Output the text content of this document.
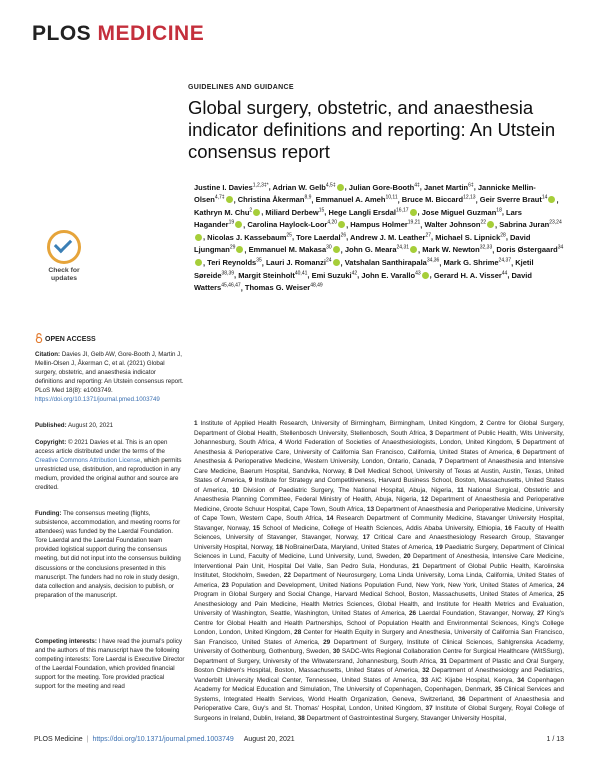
PLOS MEDICINE
GUIDELINES AND GUIDANCE
Global surgery, obstetric, and anaesthesia indicator definitions and reporting: An Utstein consensus report
Justine I. Davies$^{1,2,3\ddagger*}$, Adrian W. Gelb$^{4,5\ddagger}$ , Julian Gore-Booth$^{4\ddagger}$, Janet Martin$^{6\ddagger}$, Jannicke Mellin-Olsen$^{4,7\ddagger}$ , Christina Åkerman$^{8,9}$, Emmanuel A. Ameh$^{10,11}$, Bruce M. Biccard$^{12,13}$, Geir Sverre Braut$^{14}$ , Kathryn M. Chu$^2$ , Miliard Derbew$^{15}$, Hege Langli Ersdal$^{16,17}$ , Jose Miguel Guzman$^{18}$, Lars Hagander$^{19}$ , Carolina Haylock-Loor$^{4,20}$ , Hampus Holmer$^{19,21}$, Walter Johnson$^{22}$ , Sabrina Juran$^{23,24}$, Nicolas J. Kassebaum$^{25}$, Tore Laerdal$^{26}$, Andrew J. M. Leather$^{27}$, Michael S. Lipnick$^{28}$, David Ljungman$^{29}$ , Emmanuel M. Makasa$^{30}$ , John G. Meara$^{24,31}$ , Mark W. Newton$^{32,33}$, Doris Østergaard$^{34}$, Teri Reynolds$^{35}$, Lauri J. Romanzi$^{24}$ , Vatshalan Santhirapala$^{34,36}$, Mark G. Shrime$^{24,37}$, Kjetil Søreide$^{38,39}$, Margit Steinholt$^{40,41}$, Emi Suzuki$^{42}$, John E. Varallo$^{43}$ , Gerard H. A. Visser$^{44}$, David Watters$^{45,46,47}$, Thomas G. Weiser$^{48,49}$
Check for
updates
OPEN ACCESS
Citation: Davies JI, Gelb AW, Gore-Booth J, Martin J, Mellin-Olsen J, Åkerman C, et al. (2021) Global surgery, obstetric, and anaesthesia indicator definitions and reporting: An Utstein consensus report. PLoS Med 18(8): e1003749. https://doi.org/10.1371/journal.pmed.1003749
Published: August 20, 2021
Copyright: © 2021 Davies et al. This is an open access article distributed under the terms of the Creative Commons Attribution License, which permits unrestricted use, distribution, and reproduction in any medium, provided the original author and source are credited.
Funding: The consensus meeting (flights, subsistence, accommodation, and meeting rooms for attendees) was funded by the Laerdal Foundation. Tore Laerdal and the Laerdal Foundation team provided logistical support during the consensus meeting, but did not input into the consensus building discussions or the conclusions presented in this manuscript. The funders had no role in study design, data collection and analysis, decision to publish, or preparation of the manuscript.
Competing interests: I have read the journal's policy and the authors of this manuscript have the following competing interests: Tore Laerdal is Executive Director of the Laerdal Foundation, which provided financial support for the meeting. Tore provided practical support for the meeting and read
1 Institute of Applied Health Research, University of Birmingham, Birmingham, United Kingdom, 2 Centre for Global Surgery, Department of Global Health, Stellenbosch University, Stellenbosch, South Africa, 3 Department of Public Health, Wits University, Johannesburg, South Africa, 4 World Federation of Societies of Anaesthesiologists, London, United Kingdom, 5 Department of Anesthesia & Perioperative Care, University of California San Francisco, California, United States of America, 6 Department of Anesthesia & Perioperative Medicine, Western University, London, Ontario, Canada, 7 Department of Anaesthesia and Intensive Care Medicine, Baerum Hospital, Sandvika, Norway, 8 Dell Medical School, University of Texas at Austin, Austin, Texas, United States of America, 9 Institute for Strategy and Competitiveness, Harvard Business School, Boston, Massachusetts, United States of America, 10 Division of Paediatric Surgery, The National Hospital, Abuja, Nigeria, 11 National Surgical, Obstetric and Anaesthesia Planning Committee, Federal Ministry of Health, Abuja, Nigeria, 12 Department of Anaesthesia and Perioperative Medicine, Groote Schuur Hospital, Cape Town, South Africa, 13 Department of Anaesthesia and Perioperative Medicine, University of Cape Town, Western Cape, South Africa, 14 Research Department of Community Medicine, Stavanger University Hospital, Stavanger, Norway, 15 School of Medicine, College of Health Sciences, Addis Ababa University, Ethiopia, 16 Faculty of Health Sciences, University of Stavanger, Stavanger, Norway, 17 Critical Care and Anaesthesiology Research Group, Stavanger University Hospital, Norway, 18 NoBrainerData, Maryland, United States of America, 19 Paediatric Surgery, Department of Clinical Sciences in Lund, Faculty of Medicine, Lund University, Lund, Sweden, 20 Department of Anesthesia, Intensive Care Medicine, Interventional Pain Unit, Hospital Del Valle, San Pedro Sula, Honduras, 21 Department of Global Public Health, Karolinska Institutet, Stockholm, Sweden, 22 Department of Neurosurgery, Loma Linda University, Loma Linda, California, United States of America, 23 Population and Development, United Nations Population Fund, New York, New York, United States of America, 24 Program in Global Surgery and Social Change, Harvard Medical School, Boston, Massachusetts, United States of America, 25 Anesthesiology and Pain Medicine, Health Metrics Sciences, Global Health, and Institute for Health Metrics and Evaluation, University of Washington, Seattle, Washington, United States of America, 26 Laerdal Foundation, Stavanger, Norway, 27 King's Centre for Global Health and Health Partnerships, School of Population Health and Environmental Sciences, King's College London, London, United Kingdom, 28 Center for Health Equity in Surgery and Anesthesia, University of California San Francisco, San Francisco, United States of America, 29 Department of Surgery, Institute of Clinical Sciences, Sahlgrenska Academy, University of Gothenburg, Gothenburg, Sweden, 30 SADC-Wits Regional Collaboration Centre for Surgical Healthcare (WitSSurg), Department of Surgery, University of the Witwatersrand, Johannesburg, South Africa, 31 Department of Plastic and Oral Surgery, Boston Children's Hospital, Boston, Massachusetts, United States of America, 32 Department of Anesthesiology and Pediatrics, Vanderbilt University Medical Center, Tennessee, United States of America, 33 AIC Kijabe Hospital, Kenya, 34 Copenhagen Academy for Medical Education and Simulation, The University of Copenhagen, Copenhagen, Denmark, 35 Clinical Services and Systems, Integrated Health Services, World Health Organization, Geneva, Switzerland, 36 Department of Anaesthesia and Perioperative Care, Guy's and St. Thomas' Hospital, London, United Kingdom, 37 Institute of Global Surgery, Royal College of Surgeons in Ireland, Dublin, Ireland, 38 Department of Gastrointestinal Surgery, Stavanger University Hospital,
PLOS Medicine | https://doi.org/10.1371/journal.pmed.1003749 August 20, 2021	1 / 13
